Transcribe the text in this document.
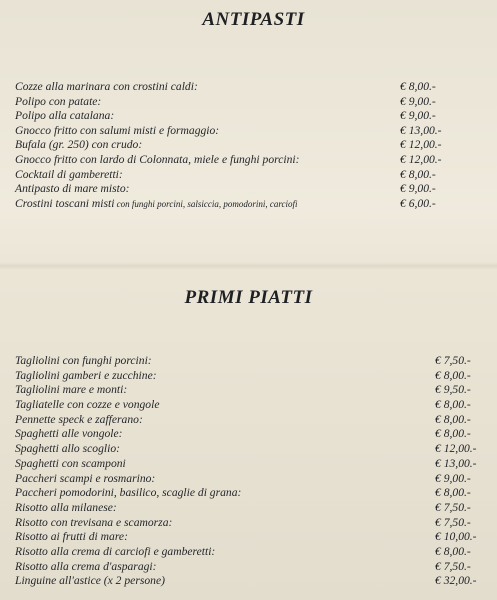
ANTIPASTI
Cozze alla marinara con crostini caldi:	€ 8,00.-
Polipo con patate:	€ 9,00.-
Polipo alla catalana:	€ 9,00.-
Gnocco fritto con salumi misti e formaggio:	€ 13,00.-
Bufala (gr. 250) con crudo:	€ 12,00.-
Gnocco fritto con lardo di Colonnata, miele e funghi porcini:	€ 12,00.-
Cocktail di gamberetti:	€ 8,00.-
Antipasto di mare misto:	€ 9,00.-
Crostini toscani misti con funghi porcini, salsiccia, pomodorini, carciofi	€ 6,00.-
PRIMI PIATTI
Tagliolini con funghi porcini:	€ 7,50.-
Tagliolini gamberi e zucchine:	€ 8,00.-
Tagliolini mare e monti:	€ 9,50.-
Tagliatelle con cozze e vongole	€ 8,00.-
Pennette speck e zafferano:	€ 8,00.-
Spaghetti alle vongole:	€ 8,00.-
Spaghetti allo scoglio:	€ 12,00.-
Spaghetti con scamponi	€ 13,00.-
Paccheri scampi e rosmarino:	€ 9,00.-
Paccheri pomodorini, basilico, scaglie di grana:	€ 8,00.-
Risotto alla milanese:	€ 7,50.-
Risotto con trevisana e scamorza:	€ 7,50.-
Risotto ai frutti di mare:	€ 10,00.-
Risotto alla crema di carciofi e gamberetti:	€ 8,00.-
Risotto alla crema d'asparagi:	€ 7,50.-
Linguine all'astice (x 2 persone)	€ 32,00.-
